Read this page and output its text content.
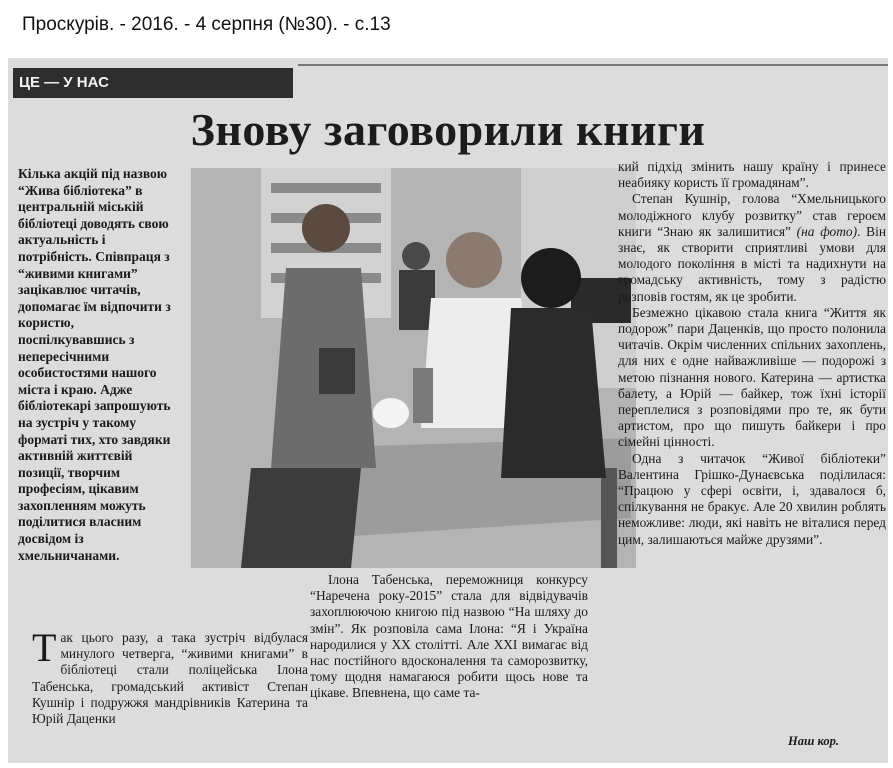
Проскурів. - 2016. - 4 серпня (№30). - с.13
ЦЕ — У НАС
Знову заговорили книги

Кілька акцій під назвою “Жива бібліотека” в центральній міській бібліотеці доводять свою актуальність і потрібність. Співпраця з “живими книгами” зацікавлює читачів, допомагає їм відпочити з користю, поспілкувавшись з непересічними особистостями нашого міста і краю. Адже бібліотекарі запрошують на зустріч у такому форматі тих, хто завдяки активній життєвій позиції, творчим професіям, цікавим захопленням можуть поділитися власним досвідом із хмельничанами.

Так цього разу, а така зустріч відбулася минулого четверга, “живими книгами” в бібліотеці стали поліцейська Ілона Табенська, громадський активіст Степан Кушнір і подружжя мандрівників Катерина та Юрій Даценки

Ілона Табенська, переможниця конкурсу “Наречена року-2015” стала для відвідувачів захоплюючою книгою під назвою “На шляху до змін”. Як розповіла сама Ілона: “Я і Україна народилися у ХХ столітті. Але ХХІ вимагає від нас постійного вдосконалення та саморозвитку, тому щодня намагаюся робити щось нове та цікаве. Впевнена, що саме та-

кий підхід змінить нашу країну і принесе неабияку користь її громадянам”.

Степан Кушнір, голова “Хмельницького молодіжного клубу розвитку” став героєм книги “Знаю як залишитися” (на фото). Він знає, як створити сприятливі умови для молодого покоління в місті та надихнути на громадську активність, тому з радістю розповів гостям, як це зробити.

Безмежно цікавою стала книга “Життя як подорож” пари Даценків, що просто полонила читачів. Окрім численних спільних захоплень, для них є одне найважливіше — подорожі з метою пізнання нового. Катерина — артистка балету, а Юрій — байкер, тож їхні історії переплелися з розповідями про те, як бути артистом, про що пишуть байкери і про сімейні цінності.

Одна з читачок “Живої бібліотеки” Валентина Грішко-Дунаєвська поділилася: “Працюю у сфері освіти, і, здавалося б, спілкування не бракує. Але 20 хвилин роблять неможливе: люди, які навіть не віталися перед цим, залишаються майже друзями”.

Наш кор.
